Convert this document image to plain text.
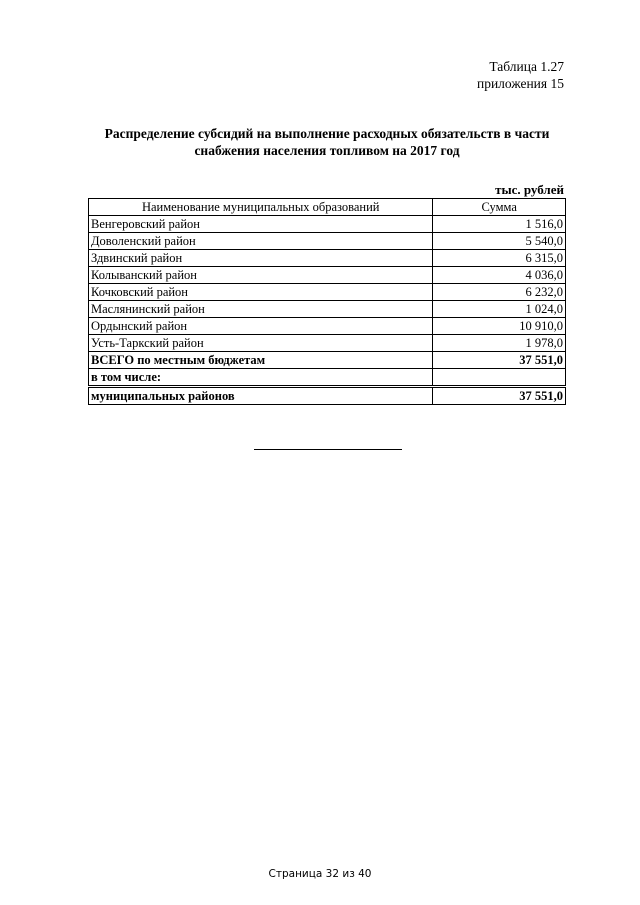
Таблица 1.27
приложения 15
Распределение субсидий на выполнение расходных обязательств в части
снабжения населения топливом на 2017 год
тыс. рублей
Наименование муниципальных образований	Сумма
Венгеровский район	1 516,0
Доволенский район	5 540,0
Здвинский район	6 315,0
Колыванский район	4 036,0
Кочковский район	6 232,0
Маслянинский район	1 024,0
Ордынский район	10 910,0
Усть-Таркский район	1 978,0
ВСЕГО по местным бюджетам	37 551,0
в том числе:	
муниципальных районов	37 551,0
Страница 32 из 40
